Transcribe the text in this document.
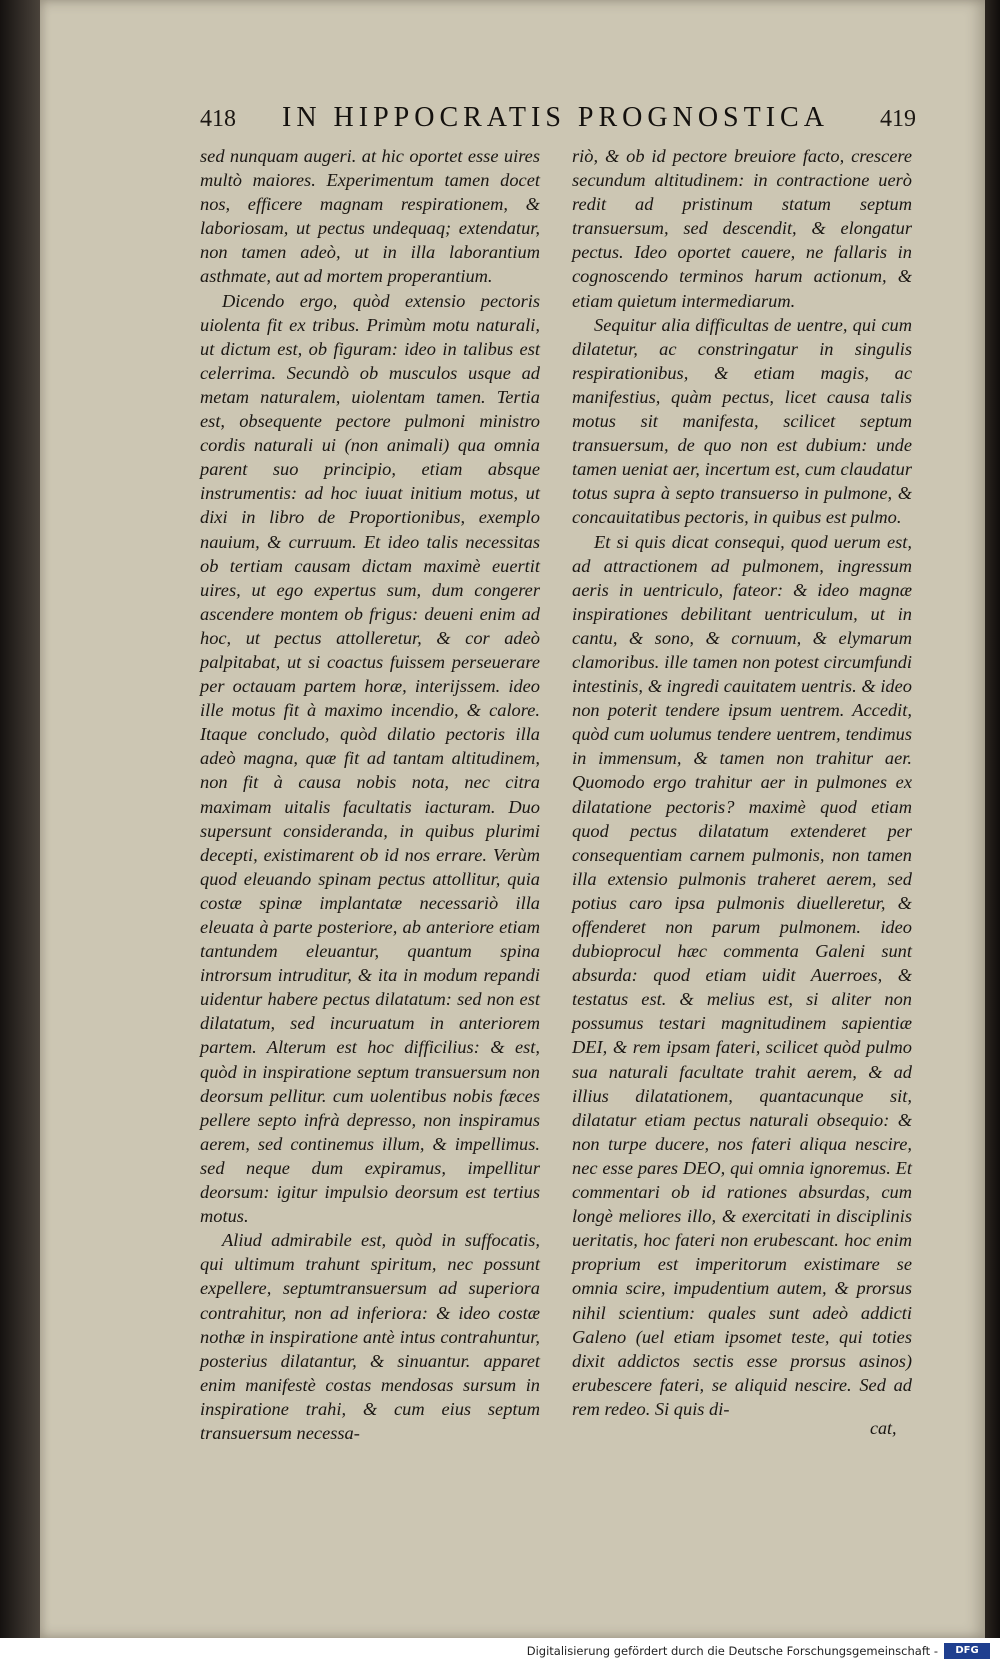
418 IN HIPPOCRATIS PROGNOSTICA 419

sed nunquam augeri. at hic oportet esse uires multò maiores. Experimentum tamen docet nos, efficere magnam respirationem, & laboriosam, ut pectus undequaq; extendatur, non tamen adeò, ut in illa laborantium asthmate, aut ad mortem properantium.

Dicendo ergo, quòd extensio pectoris uiolenta fit ex tribus. Primùm motu naturali, ut dictum est, ob figuram: ideo in talibus est celerrima. Secundò ob musculos usque ad metam naturalem, uiolentam tamen. Tertia est, obsequente pectore pulmoni ministro cordis naturali ui (non animali) qua omnia parent suo principio, etiam absque instrumentis: ad hoc iuuat initium motus, ut dixi in libro de Proportionibus, exemplo nauium, & curruum. Et ideo talis necessitas ob tertiam causam dictam maximè euertit uires, ut ego expertus sum, dum congerer ascendere montem ob frigus: deueni enim ad hoc, ut pectus attolleretur, & cor adeò palpitabat, ut si coactus fuissem perseuerare per octauam partem horæ, interijssem. ideo ille motus fit à maximo incendio, & calore. Itaque concludo, quòd dilatio pectoris illa adeò magna, quæ fit ad tantam altitudinem, non fit à causa nobis nota, nec citra maximam uitalis facultatis iacturam. Duo supersunt consideranda, in quibus plurimi decepti, existimarent ob id nos errare. Verùm quod eleuando spinam pectus attollitur, quia costæ spinæ implantatæ necessariò illa eleuata à parte posteriore, ab anteriore etiam tantundem eleuantur, quantum spina introrsum intruditur, & ita in modum repandi uidentur habere pectus dilatatum: sed non est dilatatum, sed incuruatum in anteriorem partem. Alterum est hoc difficilius: & est, quòd in inspiratione septum transuersum non deorsum pellitur. cum uolentibus nobis fæces pellere septo infrà depresso, non inspiramus aerem, sed continemus illum, & impellimus. sed neque dum expiramus, impellitur deorsum: igitur impulsio deorsum est tertius motus.

Aliud admirabile est, quòd in suffocatis, qui ultimum trahunt spiritum, nec possunt expellere, septumtransuersum ad superiora contrahitur, non ad inferiora: & ideo costæ nothæ in inspiratione antè intus contrahuntur, posterius dilatantur, & sinuantur. apparet enim manifestè costas mendosas sursum in inspiratione trahi, & cum eius septum transuersum necessa-

riò, & ob id pectore breuiore facto, crescere secundum altitudinem: in contractione uerò redit ad pristinum statum septum transuersum, sed descendit, & elongatur pectus. Ideo oportet cauere, ne fallaris in cognoscendo terminos harum actionum, & etiam quietum intermediarum.

Sequitur alia difficultas de uentre, qui cum dilatetur, ac constringatur in singulis respirationibus, & etiam magis, ac manifestius, quàm pectus, licet causa talis motus sit manifesta, scilicet septum transuersum, de quo non est dubium: unde tamen ueniat aer, incertum est, cum claudatur totus supra à septo transuerso in pulmone, & concauitatibus pectoris, in quibus est pulmo.

Et si quis dicat consequi, quod uerum est, ad attractionem ad pulmonem, ingressum aeris in uentriculo, fateor: & ideo magnæ inspirationes debilitant uentriculum, ut in cantu, & sono, & cornuum, & elymarum clamoribus. ille tamen non potest circumfundi intestinis, & ingredi cauitatem uentris. & ideo non poterit tendere ipsum uentrem. Accedit, quòd cum uolumus tendere uentrem, tendimus in immensum, & tamen non trahitur aer. Quomodo ergo trahitur aer in pulmones ex dilatatione pectoris? maximè quod etiam quod pectus dilatatum extenderet per consequentiam carnem pulmonis, non tamen illa extensio pulmonis traheret aerem, sed potius caro ipsa pulmonis diuelleretur, & offenderet non parum pulmonem. ideo dubioprocul hæc commenta Galeni sunt absurda: quod etiam uidit Auerroes, & testatus est. & melius est, si aliter non possumus testari magnitudinem sapientiæ DEI, & rem ipsam fateri, scilicet quòd pulmo sua naturali facultate trahit aerem, & ad illius dilatationem, quantacunque sit, dilatatur etiam pectus naturali obsequio: & non turpe ducere, nos fateri aliqua nescire, nec esse pares DEO, qui omnia ignoremus. Et commentari ob id rationes absurdas, cum longè meliores illo, & exercitati in disciplinis ueritatis, hoc fateri non erubescant. hoc enim proprium est imperitorum existimare se omnia scire, impudentium autem, & prorsus nihil scientium: quales sunt adeò addicti Galeno (uel etiam ipsomet teste, qui toties dixit addictos sectis esse prorsus asinos) erubescere fateri, se aliquid nescire. Sed ad rem redeo. Si quis di-

cat,
Digitalisierung gefördert durch die Deutsche Forschungsgemeinschaft -	DFG
